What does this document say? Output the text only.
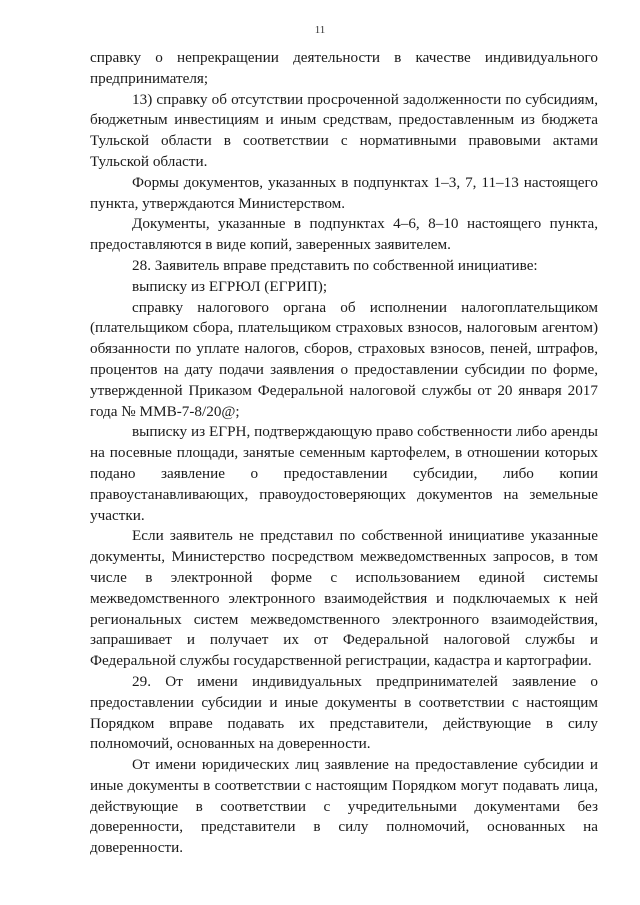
11

справку о непрекращении деятельности в качестве индивидуального предпринимателя;

13) справку об отсутствии просроченной задолженности по субсидиям, бюджетным инвестициям и иным средствам, предоставленным из бюджета Тульской области в соответствии с нормативными правовыми актами Тульской области.

Формы документов, указанных в подпунктах 1–3, 7, 11–13 настоящего пункта, утверждаются Министерством.

Документы, указанные в подпунктах 4–6, 8–10 настоящего пункта, предоставляются в виде копий, заверенных заявителем.

28. Заявитель вправе представить по собственной инициативе:

выписку из ЕГРЮЛ (ЕГРИП);

справку налогового органа об исполнении налогоплательщиком (плательщиком сбора, плательщиком страховых взносов, налоговым агентом) обязанности по уплате налогов, сборов, страховых взносов, пеней, штрафов, процентов на дату подачи заявления о предоставлении субсидии по форме, утвержденной Приказом Федеральной налоговой службы от 20 января 2017 года № ММВ-7-8/20@;

выписку из ЕГРН, подтверждающую право собственности либо аренды на посевные площади, занятые семенным картофелем, в отношении которых подано заявление о предоставлении субсидии, либо копии правоустанавливающих, правоудостоверяющих документов на земельные участки.

Если заявитель не представил по собственной инициативе указанные документы, Министерство посредством межведомственных запросов, в том числе в электронной форме с использованием единой системы межведомственного электронного взаимодействия и подключаемых к ней региональных систем межведомственного электронного взаимодействия, запрашивает и получает их от Федеральной налоговой службы и Федеральной службы государственной регистрации, кадастра и картографии.

29. От имени индивидуальных предпринимателей заявление о предоставлении субсидии и иные документы в соответствии с настоящим Порядком вправе подавать их представители, действующие в силу полномочий, основанных на доверенности.

От имени юридических лиц заявление на предоставление субсидии и иные документы в соответствии с настоящим Порядком могут подавать лица, действующие в соответствии с учредительными документами без доверенности, представители в силу полномочий, основанных на доверенности.
